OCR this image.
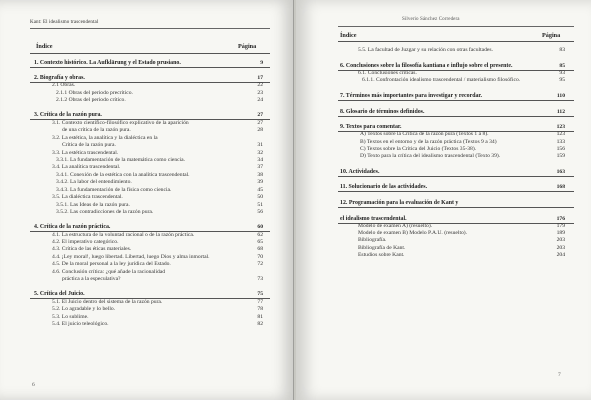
Kant: El idealismo trascendental
Índice	Página
1. Contexto histórico. La Aufklärung y el Estado prusiano.	9
2. Biografía y obras.	17
2.1 Obras.	22
2.1.1 Obras del periodo precrítico.	23
2.1.2 Obras del periodo crítico.	24
3. Crítica de la razón pura.	27
3.1. Contexto científico-filosófico explicativo de la aparición	27
de una crítica de la razón pura.	28
3.2. La estética, la analítica y la dialéctica en la
Crítica de la razón pura.	31
3.3. La estética trascendental.	32
3.3.1. La fundamentación de la matemática como ciencia.	34
3.4. La analítica trascendental.	37
3.4.1. Conexión de la estética con la analítica trascendental.	38
3.4.2. La labor del entendimiento.	39
3.4.3. La fundamentación de la física como ciencia.	45
3.5. La dialéctica trascendental.	50
3.5.1. Las Ideas de la razón pura.	51
3.5.2. Las contradicciones de la razón pura.	56
4. Crítica de la razón práctica.	60
4.1. La estructura de la voluntad racional o de la razón práctica.	62
4.2. El imperativo categórico.	65
4.3. Crítica de las éticas materiales.	68
4.4. ¡Ley moral!, luego libertad. Libertad, luego Dios y alma inmortal.	70
4.5. De la moral personal a la ley jurídica del Estado.	72
4.6. Conclusión crítica: ¿qué añade la racionalidad
práctica a la especulativa?	73
5. Crítica del Juicio.	75
5.1. El Juicio dentro del sistema de la razón pura.	77
5.2. Lo agradable y lo bello.	78
5.3. Lo sublime.	81
5.4. El juicio teleológico.	82
6
Silverio Sánchez Corredera
Índice	Página
5.5. La facultad de Juzgar y su relación con otras facultades.	83
6. Conclusiones sobre la filosofía kantiana e influjo sobre el presente.	85
6.1. Conclusiones críticas.	93
6.1.1. Confrontación idealismo trascendental / materialismo filosófico.	95
7. Términos más importantes para investigar y recordar.	110
8. Glosario de términos definidos.	112
9. Textos para comentar.	123
A) Textos sobre la Crítica de la razón pura (Textos 1 a 8).	123
B) Textos en el entorno y de la razón práctica (Textos 9 a 34)	133
C) Textos sobre la Crítica del Juicio (Textos 35-38).	156
D) Texto para la crítica del idealismo trascendental (Texto 39).	159
10. Actividades.	163
11. Solucionario de las actividades.	168
12. Programación para la evaluación de Kant y
el idealismo trascendental.	176
Modelo de examen A) (resuelto).	179
Modelo de examen B) Modelo P.A.U. (resuelto).	189
Bibliografía.	203
Bibliografía de Kant.	203
Estudios sobre Kant.	204
7
